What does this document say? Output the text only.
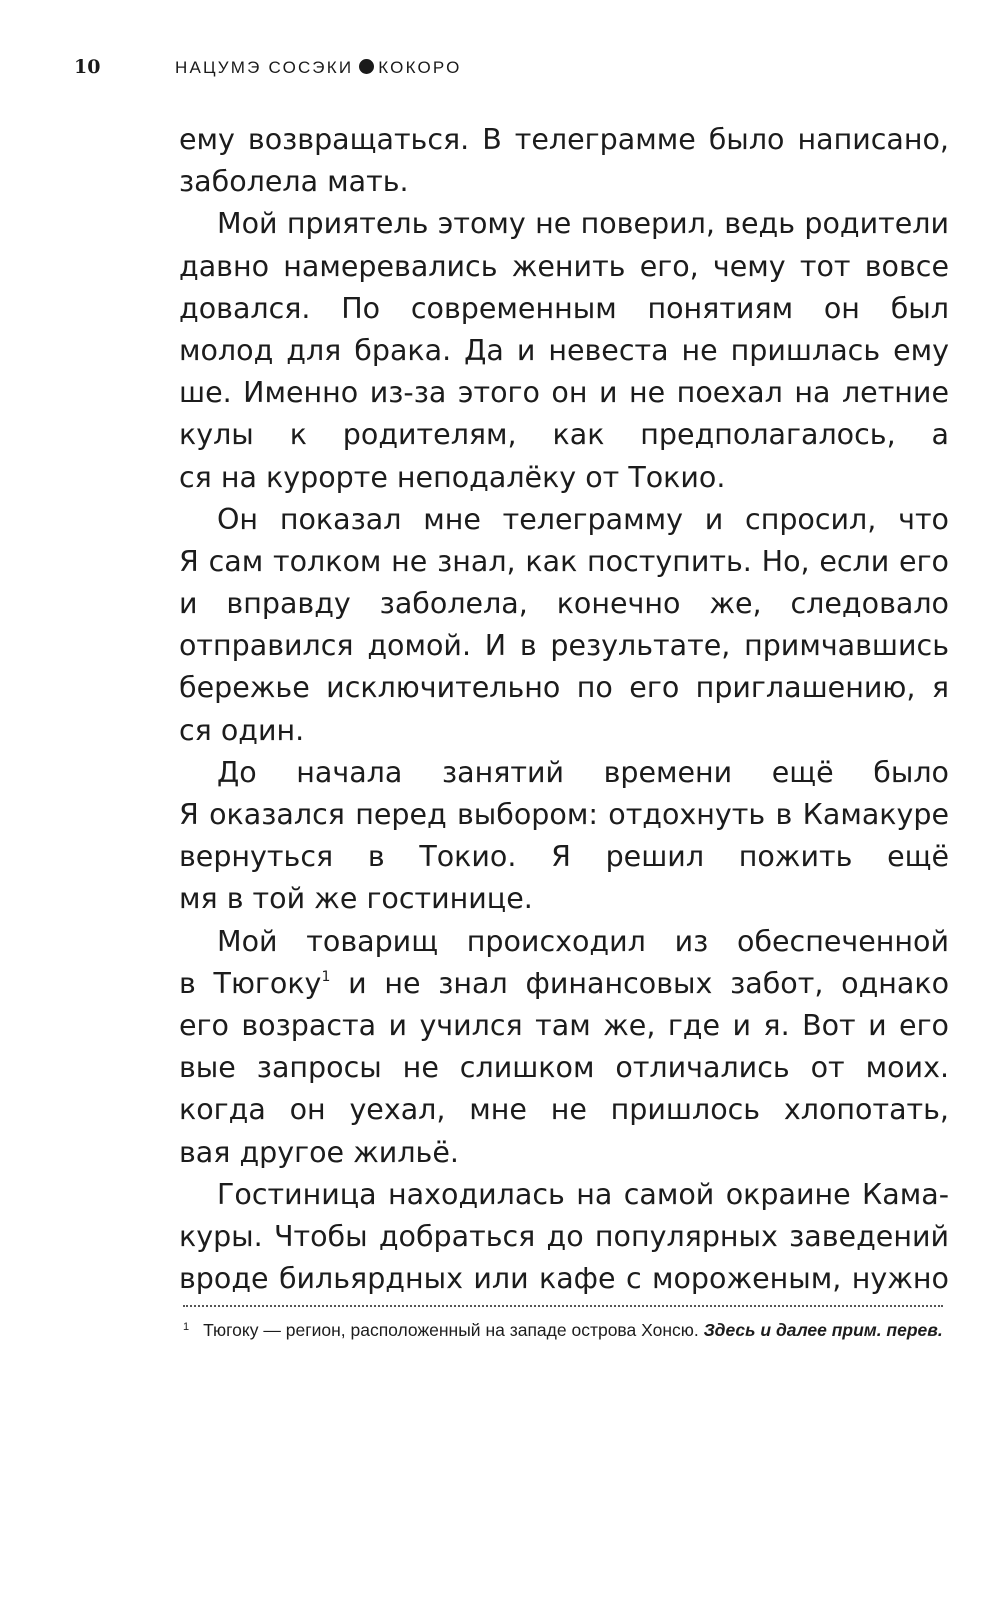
10	НАЦУМЭ СОСЭКИ КОКОРО
ему возвращаться. В телеграмме было написано,
заболела мать.
Мой приятель этому не поверил, ведь родители
давно намеревались женить его, чему тот вовсе
довался. По современным понятиям он был
молод для брака. Да и невеста не пришлась ему
ше. Именно из-за этого он и не поехал на летние
кулы к родителям, как предполагалось, а
ся на курорте неподалёку от Токио.
Он показал мне телеграмму и спросил, что
Я сам толком не знал, как поступить. Но, если его
и вправду заболела, конечно же, следовало
отправился домой. И в результате, примчавшись
бережье исключительно по его приглашению, я
ся один.
До начала занятий времени ещё было
Я оказался перед выбором: отдохнуть в Камакуре
вернуться в Токио. Я решил пожить ещё
мя в той же гостинице.
Мой товарищ происходил из обеспеченной
в Тюгоку$^1$ и не знал финансовых забот, однако
его возраста и учился там же, где и я. Вот и его
вые запросы не слишком отличались от моих.
когда он уехал, мне не пришлось хлопотать,
вая другое жильё.
Гостиница находилась на самой окраине Кама-
куры. Чтобы добраться до популярных заведений
вроде бильярдных или кафе с мороженым, нужно
$^1$ Тюгоку — регион, расположенный на западе острова Хонсю. Здесь и далее прим. перев.
